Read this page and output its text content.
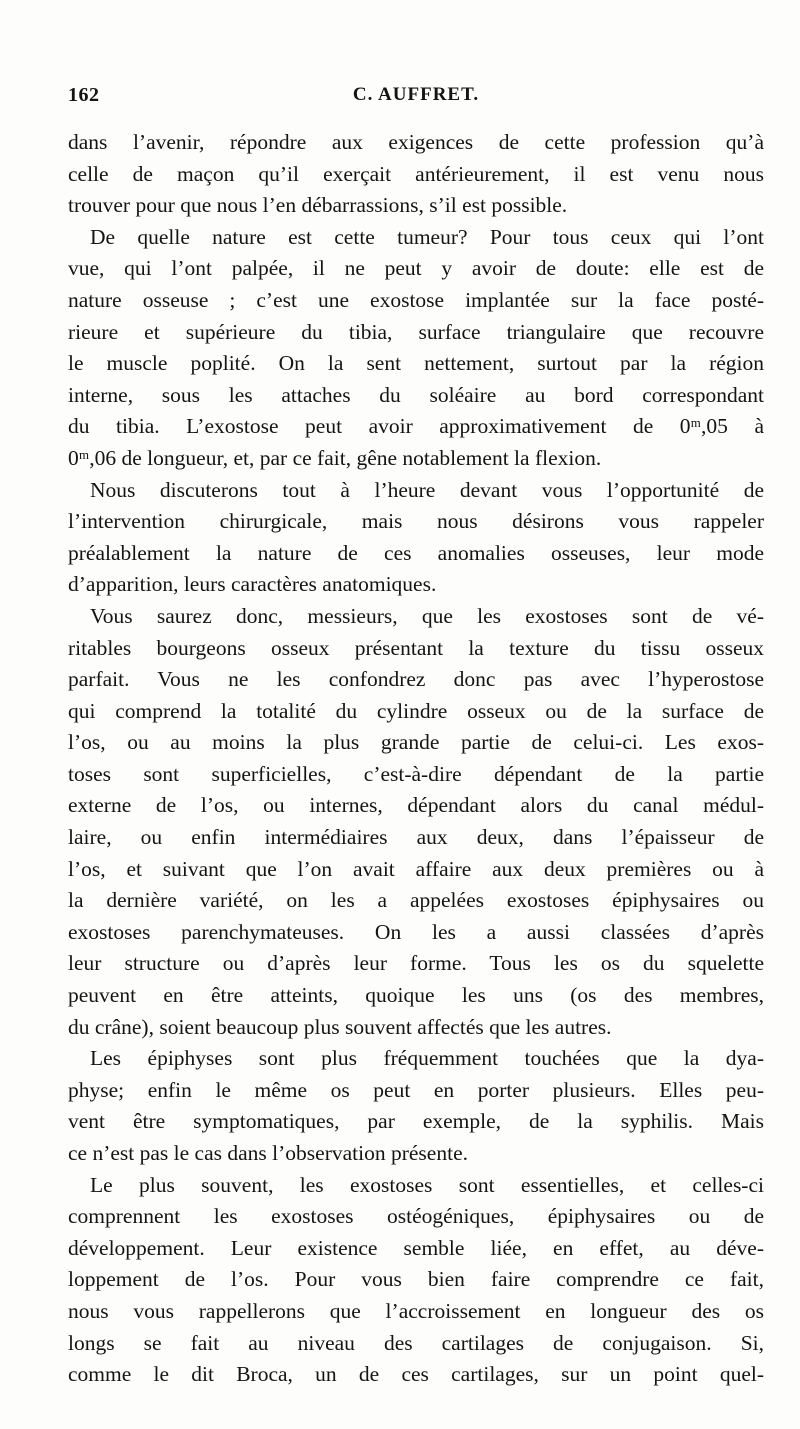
162	C. AUFFRET.
dans l’avenir, répondre aux exigences de cette profession qu’à
celle de maçon qu’il exerçait antérieurement, il est venu nous
trouver pour que nous l’en débarrassions, s’il est possible.
De quelle nature est cette tumeur? Pour tous ceux qui l’ont
vue, qui l’ont palpée, il ne peut y avoir de doute: elle est de
nature osseuse ; c’est une exostose implantée sur la face posté-
rieure et supérieure du tibia, surface triangulaire que recouvre
le muscle poplité. On la sent nettement, surtout par la région
interne, sous les attaches du soléaire au bord correspondant
du tibia. L’exostose peut avoir approximativement de 0ᵐ,05 à
0ᵐ,06 de longueur, et, par ce fait, gêne notablement la flexion.
Nous discuterons tout à l’heure devant vous l’opportunité de
l’intervention chirurgicale, mais nous désirons vous rappeler
préalablement la nature de ces anomalies osseuses, leur mode
d’apparition, leurs caractères anatomiques.
Vous saurez donc, messieurs, que les exostoses sont de vé-
ritables bourgeons osseux présentant la texture du tissu osseux
parfait. Vous ne les confondrez donc pas avec l’hyperostose
qui comprend la totalité du cylindre osseux ou de la surface de
l’os, ou au moins la plus grande partie de celui-ci. Les exos-
toses sont superficielles, c’est-à-dire dépendant de la partie
externe de l’os, ou internes, dépendant alors du canal médul-
laire, ou enfin intermédiaires aux deux, dans l’épaisseur de
l’os, et suivant que l’on avait affaire aux deux premières ou à
la dernière variété, on les a appelées exostoses épiphysaires ou
exostoses parenchymateuses. On les a aussi classées d’après
leur structure ou d’après leur forme. Tous les os du squelette
peuvent en être atteints, quoique les uns (os des membres,
du crâne), soient beaucoup plus souvent affectés que les autres.
Les épiphyses sont plus fréquemment touchées que la dya-
physe; enfin le même os peut en porter plusieurs. Elles peu-
vent être symptomatiques, par exemple, de la syphilis. Mais
ce n’est pas le cas dans l’observation présente.
Le plus souvent, les exostoses sont essentielles, et celles-ci
comprennent les exostoses ostéogéniques, épiphysaires ou de
développement. Leur existence semble liée, en effet, au déve-
loppement de l’os. Pour vous bien faire comprendre ce fait,
nous vous rappellerons que l’accroissement en longueur des os
longs se fait au niveau des cartilages de conjugaison. Si,
comme le dit Broca, un de ces cartilages, sur un point quel-
